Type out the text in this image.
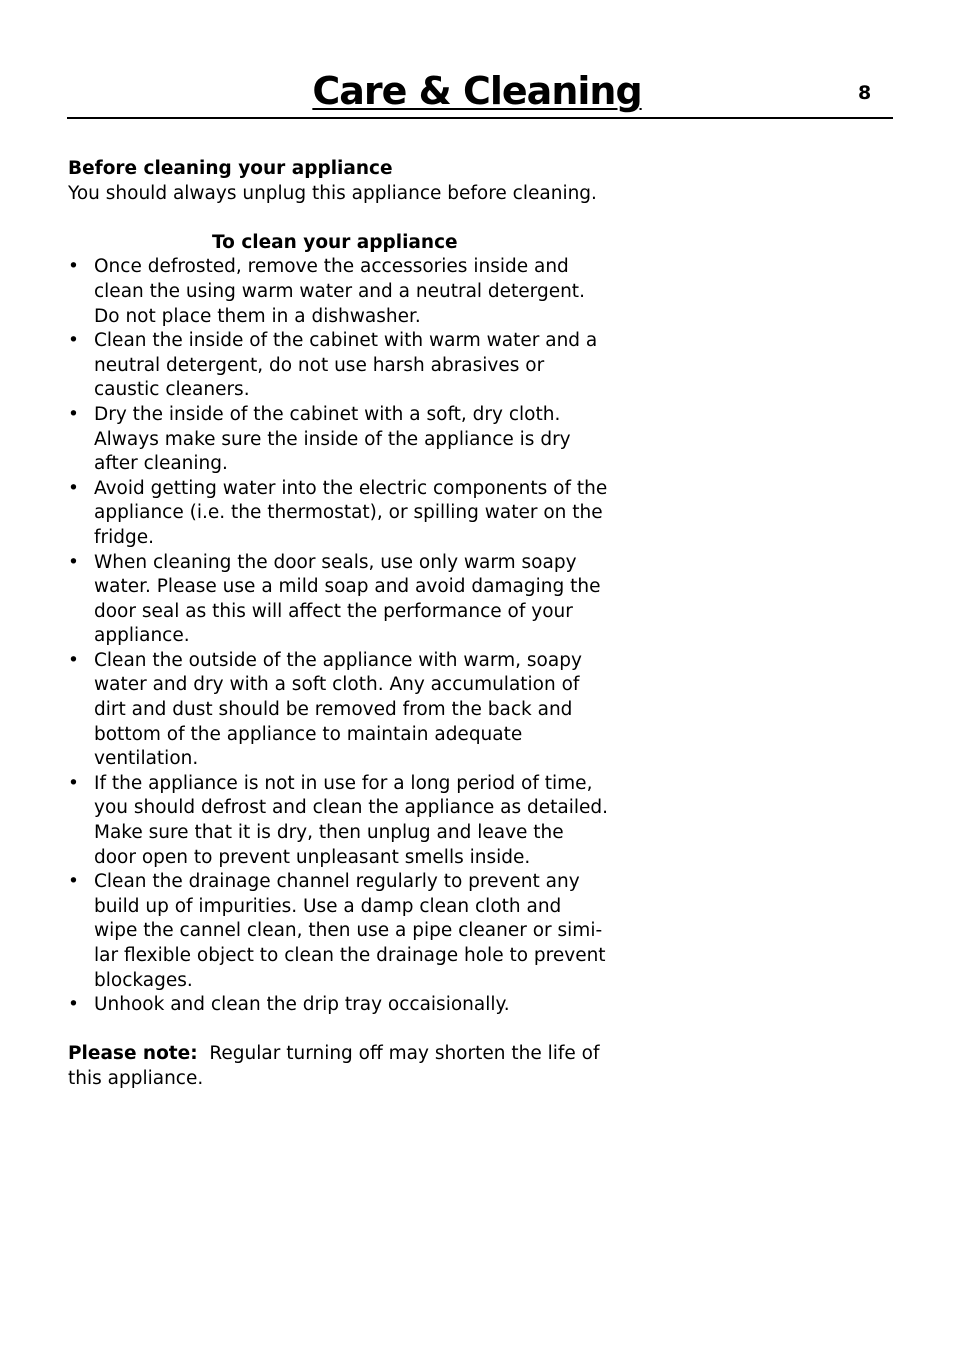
Care & Cleaning	8

Before cleaning your appliance

You should always unplug this appliance before cleaning.

To clean your appliance

• Once defrosted, remove the accessories inside and clean the using warm water and a neutral detergent. Do not place them in a dishwasher.
• Clean the inside of the cabinet with warm water and a neutral detergent, do not use harsh abrasives or caustic cleaners.
• Dry the inside of the cabinet with a soft, dry cloth. Always make sure the inside of the appliance is dry after cleaning.
• Avoid getting water into the electric components of the appliance (i.e. the thermostat), or spilling water on the fridge.
• When cleaning the door seals, use only warm soapy water. Please use a mild soap and avoid damaging the door seal as this will affect the performance of your appliance.
• Clean the outside of the appliance with warm, soapy water and dry with a soft cloth. Any accumulation of dirt and dust should be removed from the back and bottom of the appliance to maintain adequate ventilation.
• If the appliance is not in use for a long period of time, you should defrost and clean the appliance as detailed. Make sure that it is dry, then unplug and leave the door open to prevent unpleasant smells inside.
• Clean the drainage channel regularly to prevent any build up of impurities. Use a damp clean cloth and wipe the cannel clean, then use a pipe cleaner or simi-lar flexible object to clean the drainage hole to prevent blockages.
• Unhook and clean the drip tray occaisionally.

Please note: Regular turning off may shorten the life of this appliance.
